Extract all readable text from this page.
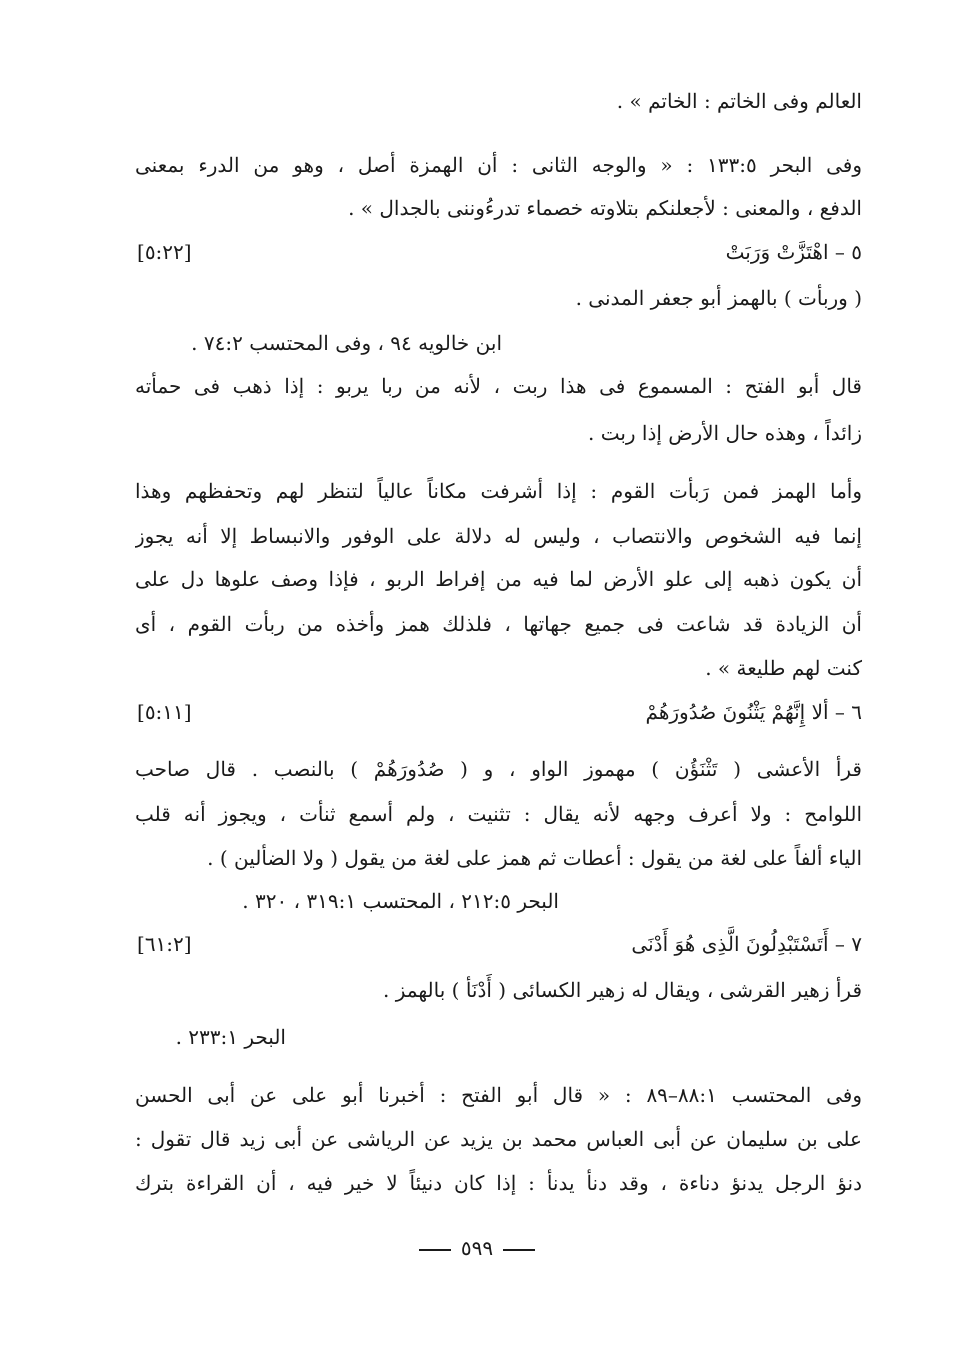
العالم وفى الخاتم : الخاتم » .
وفى البحر ١٣٣:٥ : « والوجه الثانى : أن الهمزة أصل ، وهو من الدرء بمعنى
الدفع ، والمعنى : لأجعلنكم بتلاوته خصماء تدرءُوننى بالجدال » .
٥ – اهْتَزَّتْ وَرَبَتْ
[٥:٢٢]
( وربأت ) بالهمز أبو جعفر المدنى .
ابن خالويه ٩٤ ، وفى المحتسب ٧٤:٢ .
قال أبو الفتح : المسموع فى هذا ربت ، لأنه من ربا يربو : إذا ذهب فى حمأته
زائداً ، وهذه حال الأرض إذا ربت .
وأما الهمز فمن رَبأت القوم : إذا أشرفت مكاناً عالياً لتنظر لهم وتحفظهم وهذا
إنما فيه الشخوص والانتصاب ، وليس له دلالة على الوفور والانبساط إلا أنه يجوز
أن يكون ذهبه إلى علو الأرض لما فيه من إفراط الربو ، فإذا وصف علوها دل على
أن الزيادة قد شاعت فى جميع جهاتها ، فلذلك همز وأخذه من ربأت القوم ، أى
كنت لهم طليعة » .
٦ – ألا إِنَّهُمْ يَثْنُونَ صُدُورَهُمْ
[٥:١١]
قرأ الأعشى ( تَثْنَؤُن ) مهموز الواو ، و ( صُدُورَهُمْ ) بالنصب . قال صاحب
اللوامح : ولا أعرف وجهه لأنه يقال : تثنيت ، ولم أسمع ثنأت ، ويجوز أنه قلب
الياء ألفاً على لغة من يقول : أعطات ثم همز على لغة من يقول ( ولا الضألين ) .
البحر ٢١٢:٥ ، المحتسب ٣١٩:١ ، ٣٢٠ .
٧ – أَتَسْتَبْدِلُونَ الَّذِى هُوَ أَدْنَى
[٦١:٢]
قرأ زهير القرشى ، ويقال له زهير الكسائى ( أَدْنَأ ) بالهمز .
البحر ٢٣٣:١ .
وفى المحتسب ٨٨:١–٨٩ : « قال أبو الفتح : أخبرنا أبو على عن أبى الحسن
على بن سليمان عن أبى العباس محمد بن يزيد عن الرياشى عن أبى زيد قال تقول :
دنؤ الرجل يدنؤ دناءة ، وقد دنأ يدنأ : إذا كان دنيئاً لا خير فيه ، أن القراءة بترك
٥٩٩
